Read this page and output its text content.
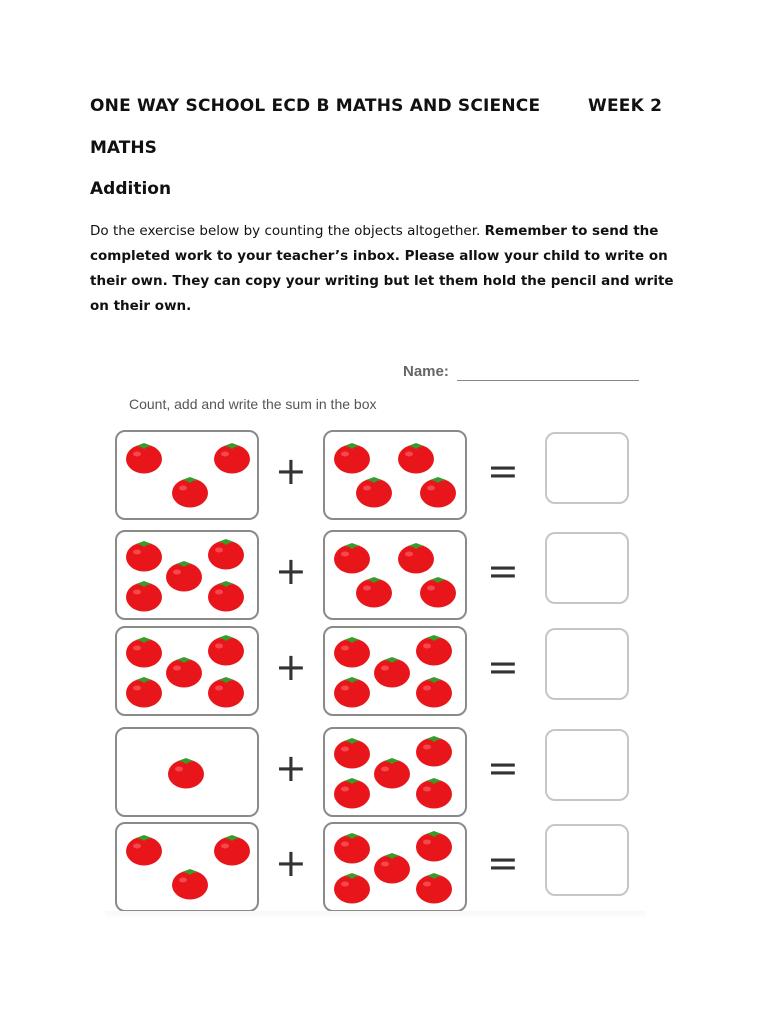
ONE WAY SCHOOL ECD B MATHS AND SCIENCE	WEEK 2
MATHS
Addition
Do the exercise below by counting the objects altogether. Remember to send the completed work to your teacher’s inbox. Please allow your child to write on their own. They can copy your writing but let them hold the pencil and write on their own.
Name:
Count, add and write the sum in the box
+	=
+	=
+	=
+	=
+	=
